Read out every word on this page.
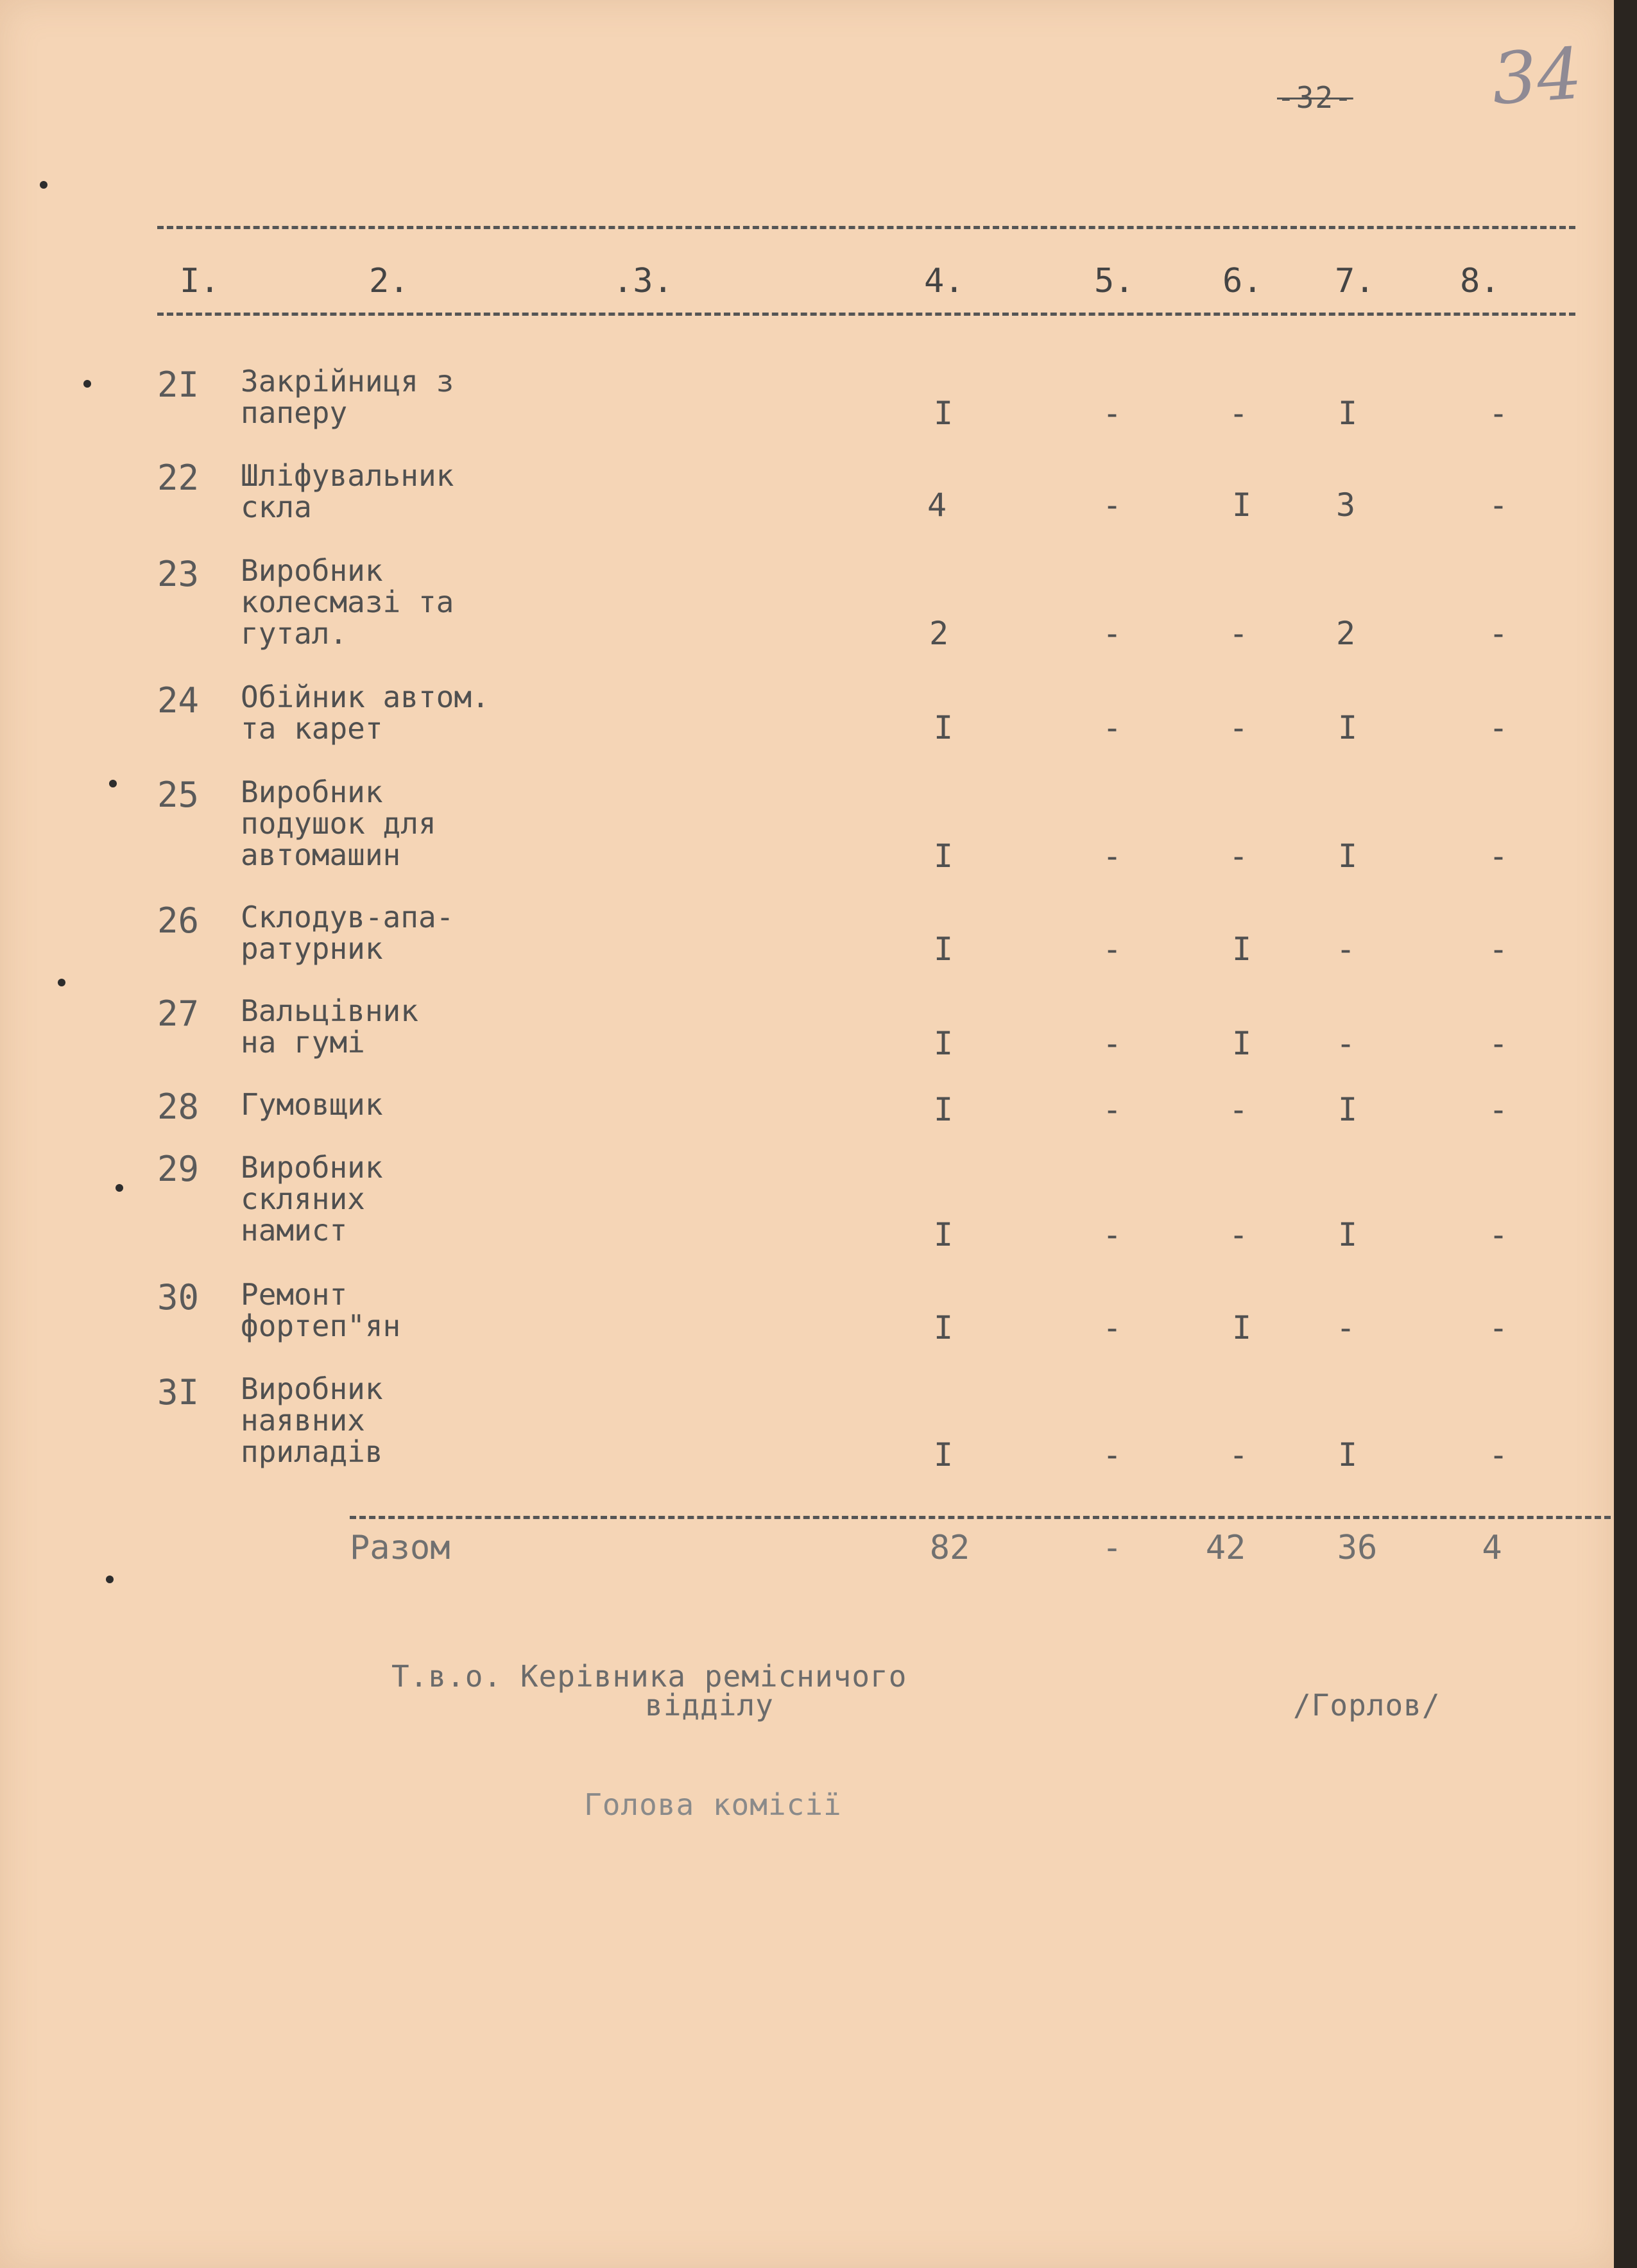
-32- 34
I.	2.	.3.	4.	5.	6. 7.	8.
2I Закрiйниця з
паперу	I	-	-	I	-
22 Шлiфувальник
скла	4	-	I	3	-
23 Виробник
колесмазi та
гутал.	2	-	-	2	-
24 Обiйник автом.
та карет	I	-	-	I	-
25 Виробник
подушок для
автомашин	I	-	-	I	-
26 Склодув-апа-
ратурник	I	-	I	-	-
27 Вальцiвник
на гумi	I	-	I	-	-
28 Гумовщик	I	-	-	I	-
29 Виробник
скляних
намист	I	-	-	I	-
30 Ремонт
фортеп"ян	I	-	I	-	-
3I Виробник
наявних
приладiв	I	-	-	I	-
Разом	82	-	42	36	4
Т.в.о. Керiвника ремiсничого
вiддiлу	/Горлов/
Голова комiсiї
